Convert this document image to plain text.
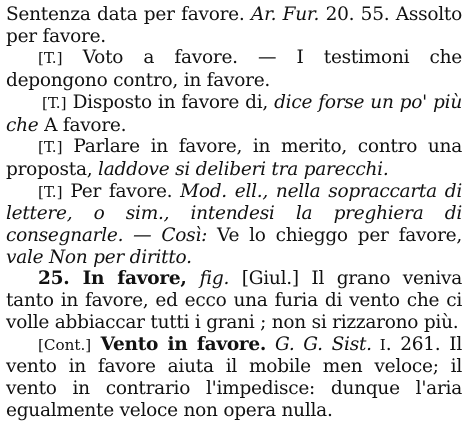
Sentenza data per favore. Ar. Fur. 20. 55. Assolto per favore.

[T.] Voto a favore. — I testimoni che depongono contro, in favore.

[T.] Disposto in favore di, dice forse un po' più che A favore.

[T.] Parlare in favore, in merito, contro una proposta, laddove si deliberi tra parecchi.

[T.] Per favore. Mod. ell., nella sopraccarta di lettere, o sim., intendesi la preghiera di consegnarle. — Così: Ve lo chieggo per favore, vale Non per diritto.

25. In favore, fig. [Giul.] Il grano veniva tanto in favore, ed ecco una furia di vento che ci volle abbiaccar tutti i grani ; non si rizzarono più.

[Cont.] Vento in favore. G. G. Sist. I. 261. Il vento in favore aiuta il mobile men veloce; il vento in contrario l'impedisce: dunque l'aria egualmente veloce non opera nulla.
